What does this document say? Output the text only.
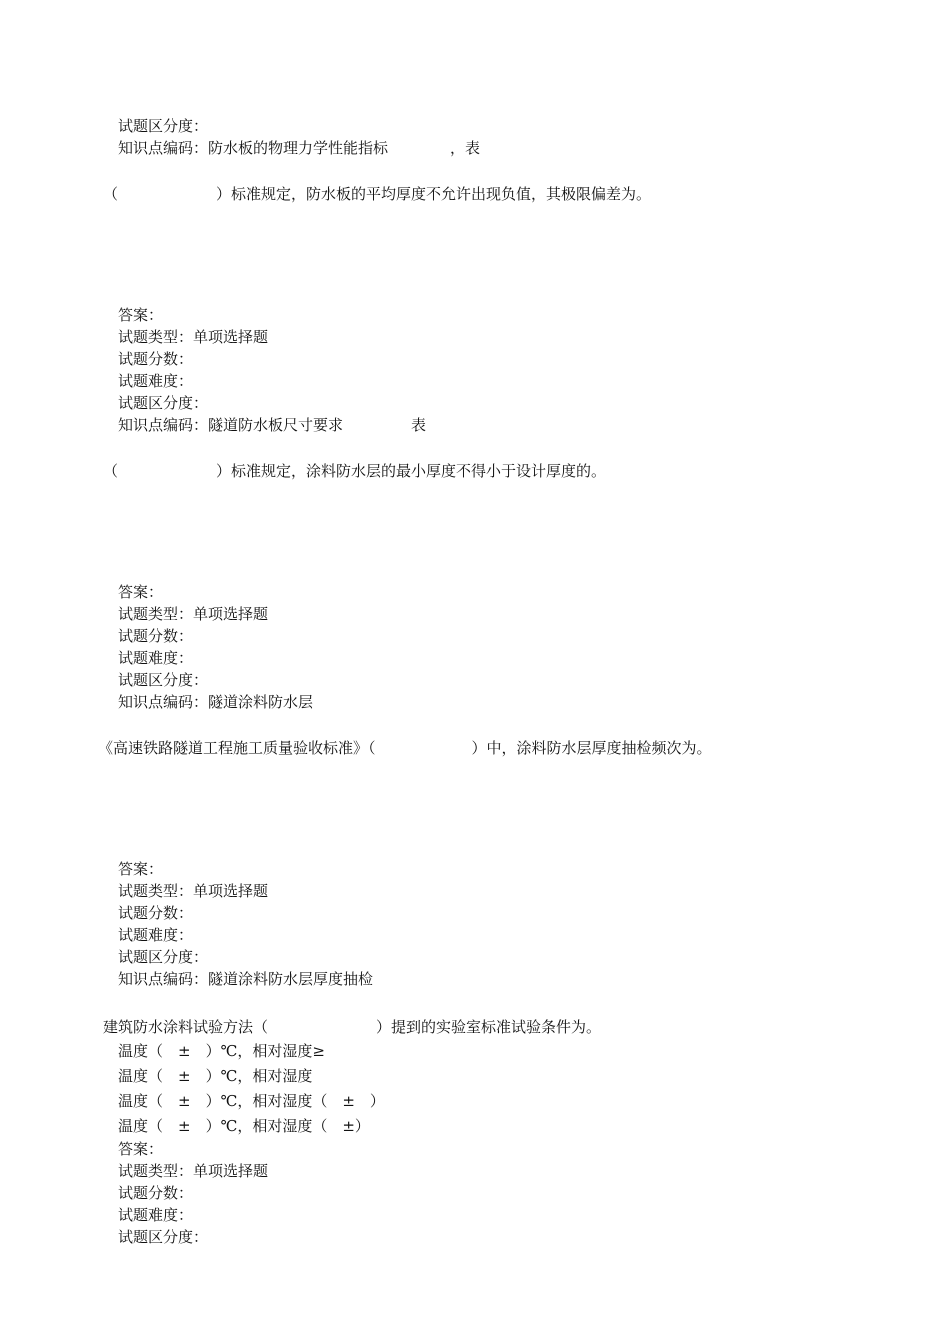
试题区分度：
知识点编码：防水板的物理力学性能指标	，表
（	）标准规定，防水板的平均厚度不允许出现负值，其极限偏差为。
答案：
试题类型：单项选择题
试题分数：
试题难度：
试题区分度：
知识点编码：隧道防水板尺寸要求	表
（	）标准规定，涂料防水层的最小厚度不得小于设计厚度的。
答案：
试题类型：单项选择题
试题分数：
试题难度：
试题区分度：
知识点编码：隧道涂料防水层
《高速铁路隧道工程施工质量验收标准》（	）中，涂料防水层厚度抽检频次为。
答案：
试题类型：单项选择题
试题分数：
试题难度：
试题区分度：
知识点编码：隧道涂料防水层厚度抽检
建筑防水涂料试验方法（	）提到的实验室标准试验条件为。
温度（　±　）℃，相对湿度≥
温度（　±　）℃，相对湿度
温度（　±　）℃，相对湿度（　±　）
温度（　±　）℃，相对湿度（　±）
答案：
试题类型：单项选择题
试题分数：
试题难度：
试题区分度：
